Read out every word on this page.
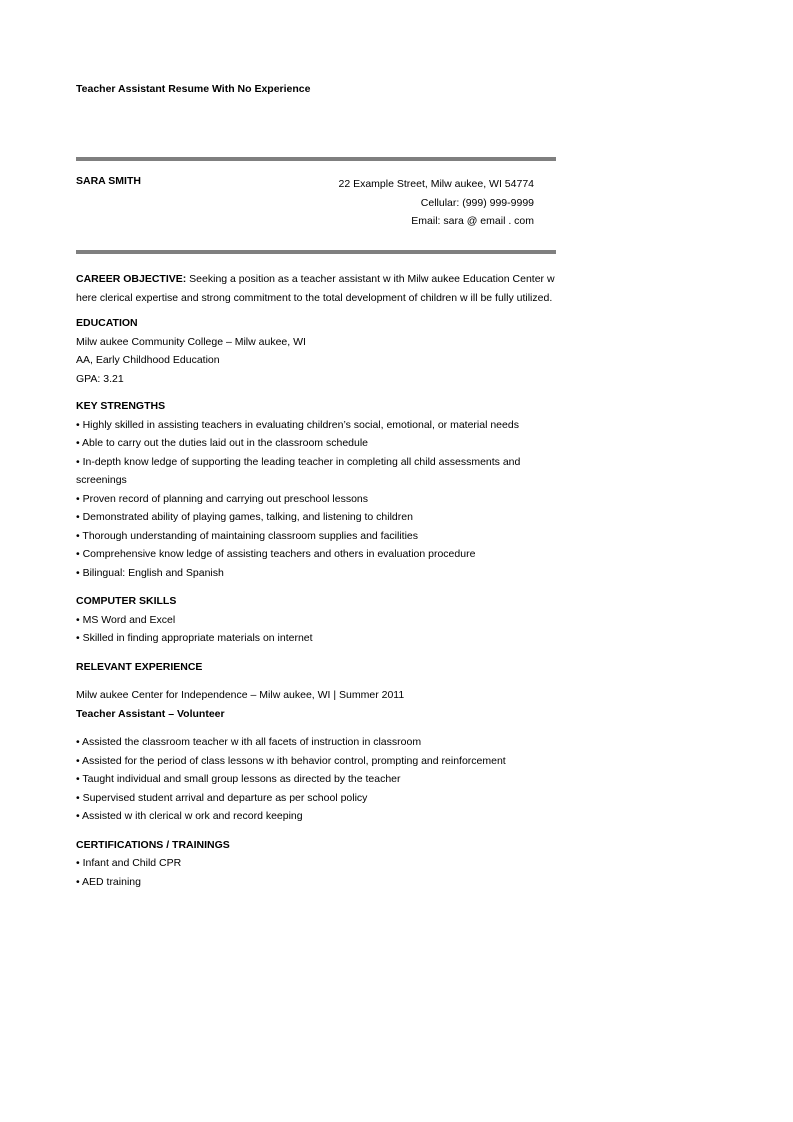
Teacher Assistant Resume With No Experience
SARA SMITH	22 Example Street, Milw aukee, WI 54774
Cellular: (999) 999-9999
Email: sara @ email . com

CAREER OBJECTIVE: Seeking a position as a teacher assistant w ith Milw aukee Education Center w here clerical expertise and strong commitment to the total development of children w ill be fully utilized.

EDUCATION

Milw aukee Community College – Milw aukee, WI

AA, Early Childhood Education

GPA: 3.21

KEY STRENGTHS

• Highly skilled in assisting teachers in evaluating children’s social, emotional, or material needs
• Able to carry out the duties laid out in the classroom schedule
• In-depth know ledge of supporting the leading teacher in completing all child assessments and screenings
• Proven record of planning and carrying out preschool lessons
• Demonstrated ability of playing games, talking, and listening to children
• Thorough understanding of maintaining classroom supplies and facilities
• Comprehensive know ledge of assisting teachers and others in evaluation procedure
• Bilingual: English and Spanish

COMPUTER SKILLS

• MS Word and Excel
• Skilled in finding appropriate materials on internet

RELEVANT EXPERIENCE

Milw aukee Center for Independence – Milw aukee, WI | Summer 2011

Teacher Assistant – Volunteer

• Assisted the classroom teacher w ith all facets of instruction in classroom
• Assisted for the period of class lessons w ith behavior control, prompting and reinforcement
• Taught individual and small group lessons as directed by the teacher
• Supervised student arrival and departure as per school policy
• Assisted w ith clerical w ork and record keeping

CERTIFICATIONS / TRAININGS

• Infant and Child CPR
• AED training
